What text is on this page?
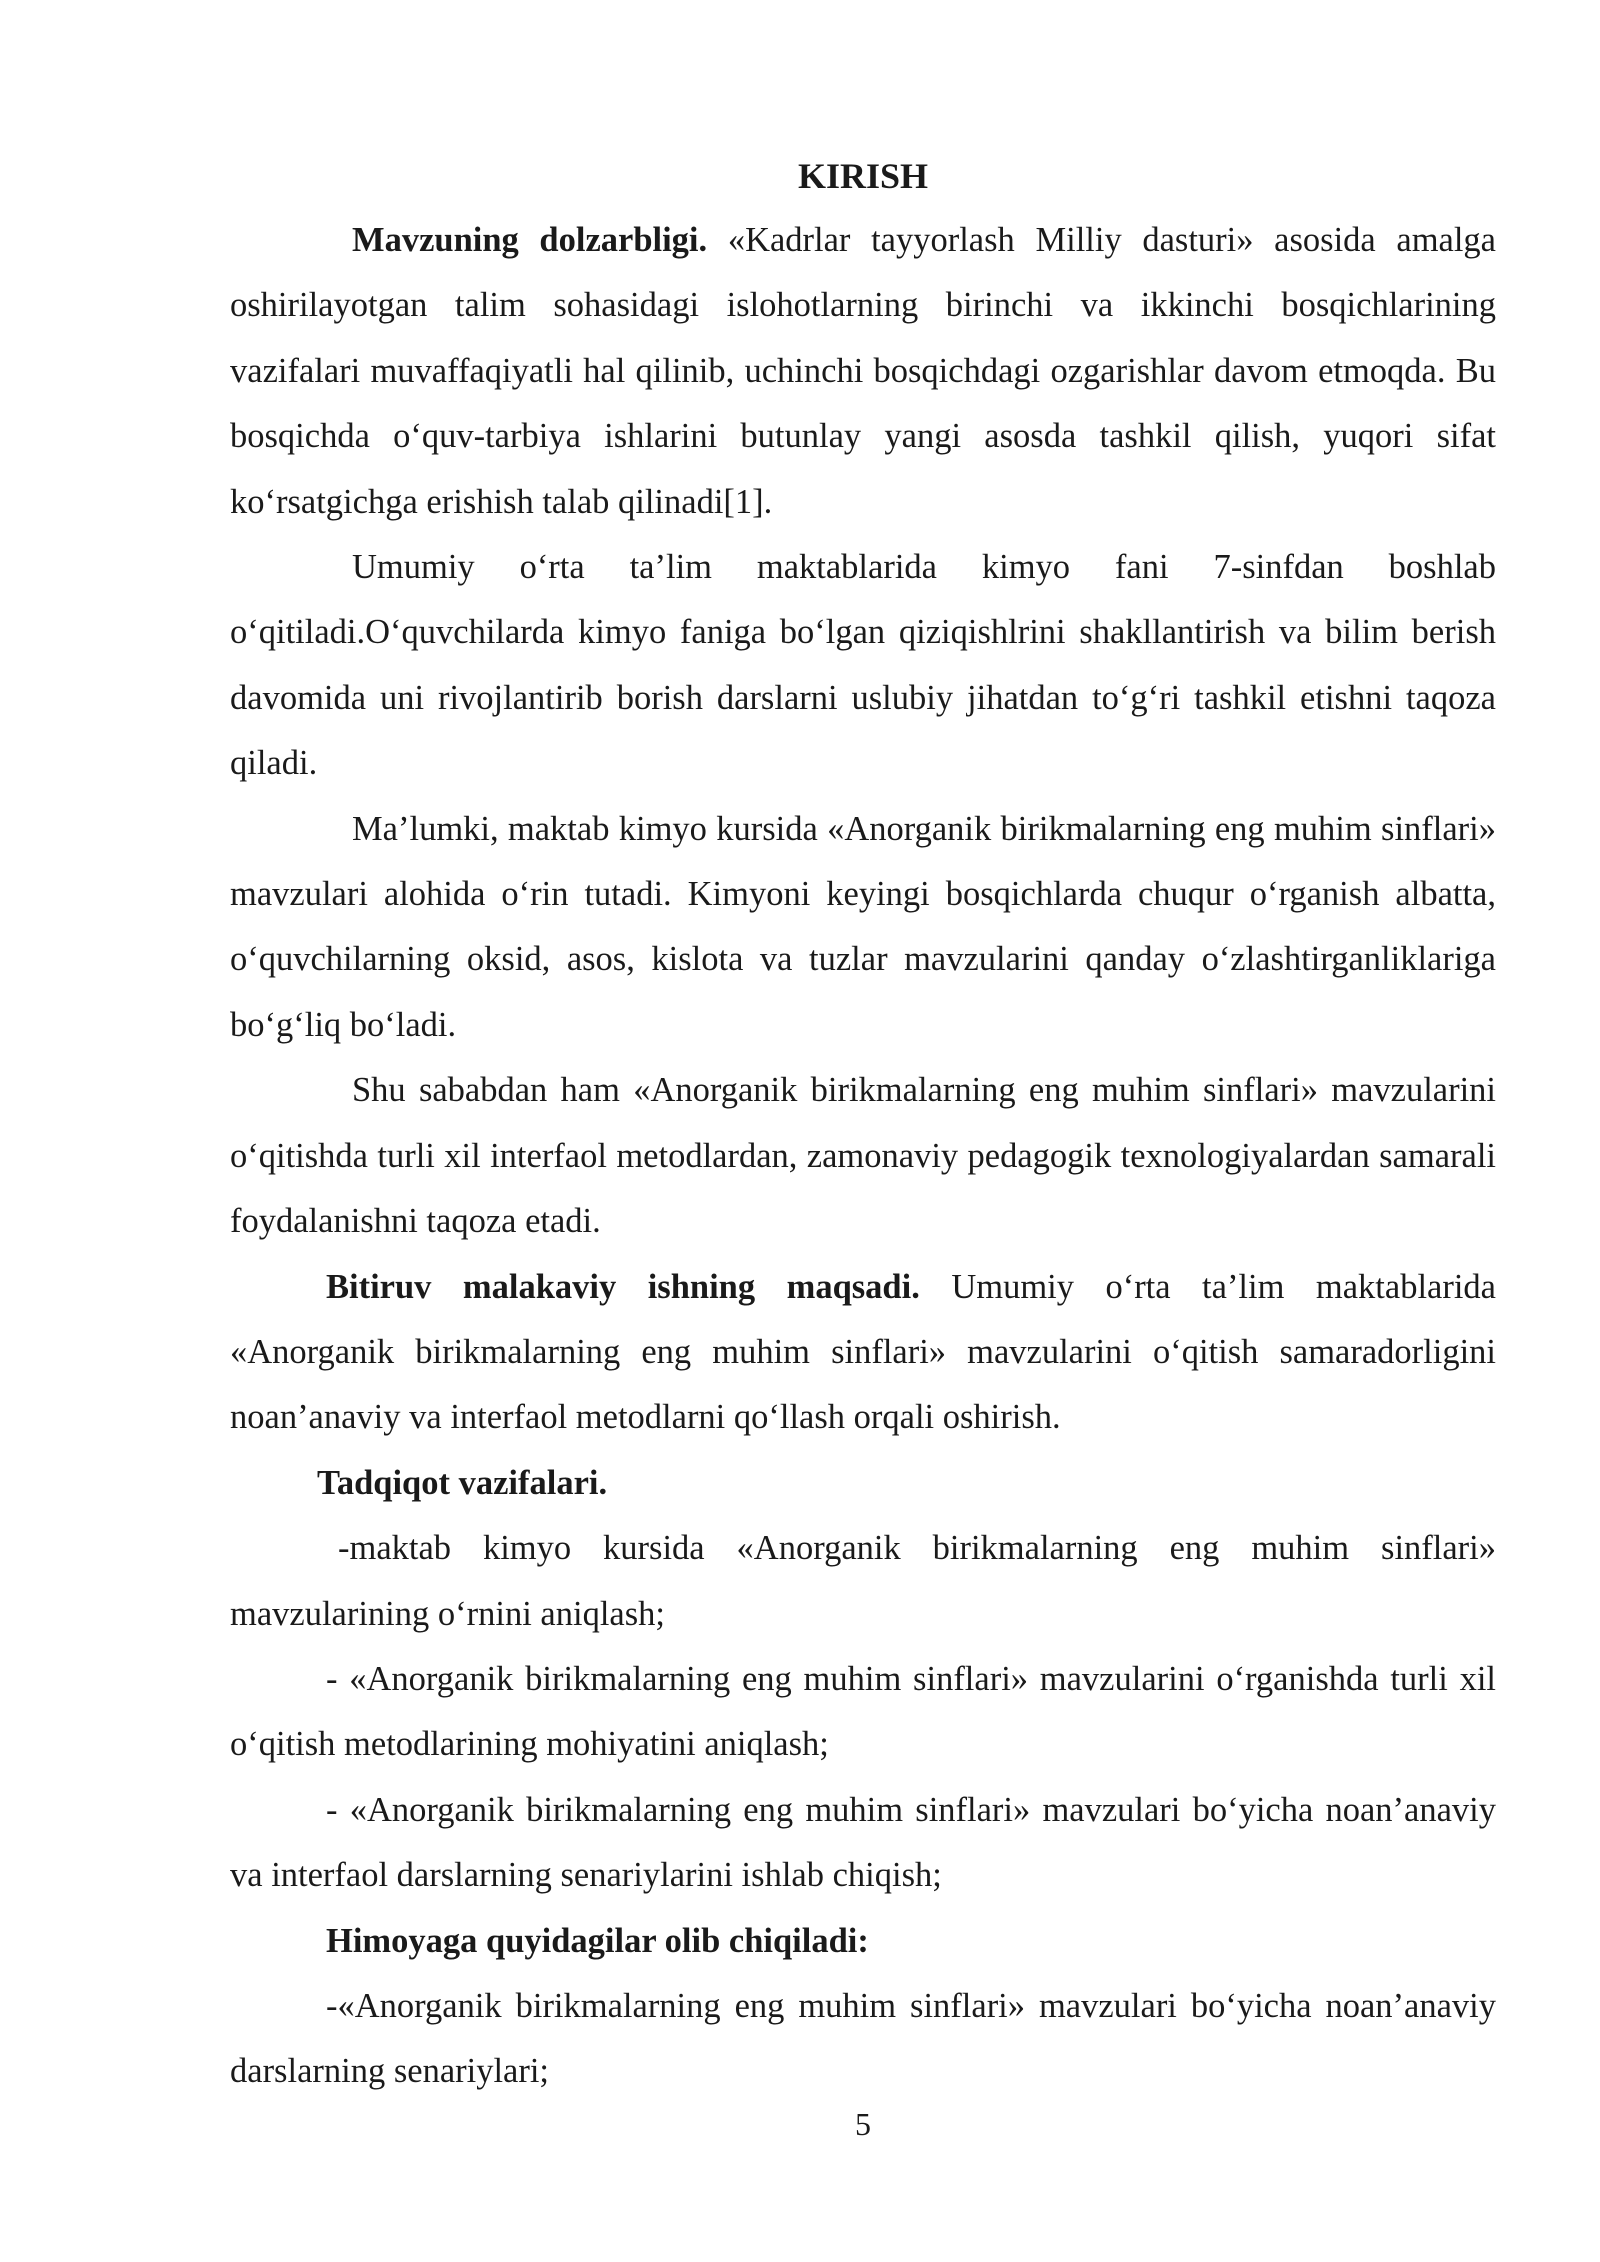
KIRISH

Mavzuning dolzarbligi. «Kadrlar tayyorlash Milliy dasturi» asosida amalga oshirilayotgan talim sohasidagi islohotlarning birinchi va ikkinchi bosqichlarining vazifalari muvaffaqiyatli hal qilinib, uchinchi bosqichdagi ozgarishlar davom etmoqda. Bu bosqichda o‘quv-tarbiya ishlarini butunlay yangi asosda tashkil qilish, yuqori sifat ko‘rsatgichga erishish talab qilinadi[1].

Umumiy o‘rta ta’lim maktablarida kimyo fani 7-sinfdan boshlab o‘qitiladi.O‘quvchilarda kimyo faniga bo‘lgan qiziqishlrini shakllantirish va bilim berish davomida uni rivojlantirib borish darslarni uslubiy jihatdan to‘g‘ri tashkil etishni taqoza qiladi.

Ma’lumki, maktab kimyo kursida «Anorganik birikmalarning eng muhim sinflari» mavzulari alohida o‘rin tutadi. Kimyoni keyingi bosqichlarda chuqur o‘rganish albatta, o‘quvchilarning oksid, asos, kislota va tuzlar mavzularini qanday o‘zlashtirganliklariga bo‘g‘liq bo‘ladi.

Shu sababdan ham «Anorganik birikmalarning eng muhim sinflari» mavzularini o‘qitishda turli xil interfaol metodlardan, zamonaviy pedagogik texnologiyalardan samarali foydalanishni taqoza etadi.

Bitiruv malakaviy ishning maqsadi. Umumiy o‘rta ta’lim maktablarida «Anorganik birikmalarning eng muhim sinflari» mavzularini o‘qitish samaradorligini noan’anaviy va interfaol metodlarni qo‘llash orqali oshirish.

Tadqiqot vazifalari.

-maktab kimyo kursida «Anorganik birikmalarning eng muhim sinflari» mavzularining o‘rnini aniqlash;

- «Anorganik birikmalarning eng muhim sinflari» mavzularini o‘rganishda turli xil o‘qitish metodlarining mohiyatini aniqlash;

- «Anorganik birikmalarning eng muhim sinflari» mavzulari bo‘yicha noan’anaviy va interfaol darslarning senariylarini ishlab chiqish;

Himoyaga quyidagilar olib chiqiladi:

-«Anorganik birikmalarning eng muhim sinflari» mavzulari bo‘yicha noan’anaviy darslarning senariylari;

5
